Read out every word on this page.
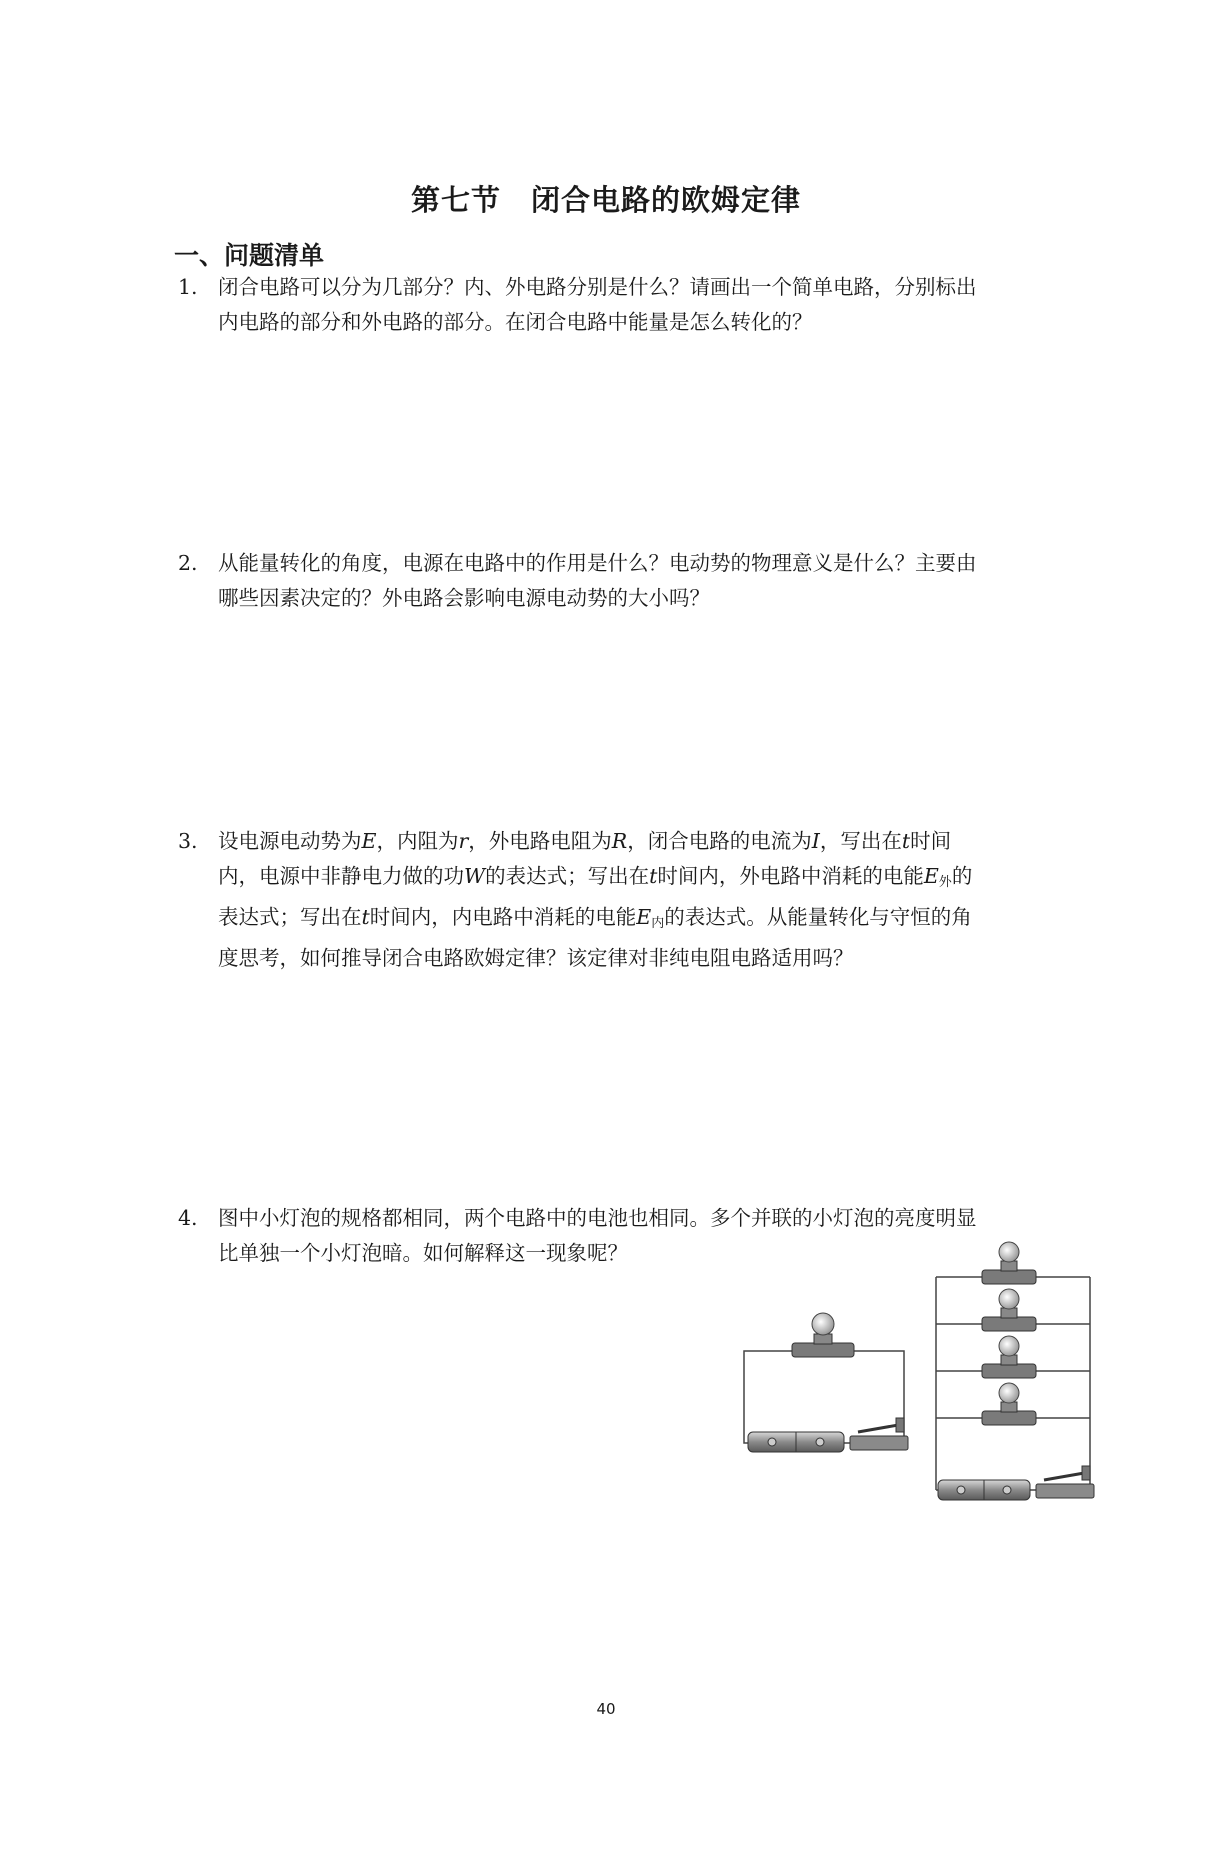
第七节　闭合电路的欧姆定律
一、问题清单
1. 闭合电路可以分为几部分？内、外电路分别是什么？请画出一个简单电路，分别标出
内电路的部分和外电路的部分。在闭合电路中能量是怎么转化的？
2. 从能量转化的角度，电源在电路中的作用是什么？电动势的物理意义是什么？主要由
哪些因素决定的？外电路会影响电源电动势的大小吗？
3. 设电源电动势为E，内阻为r，外电路电阻为R，闭合电路的电流为I，写出在t时间
内，电源中非静电力做的功W的表达式；写出在t时间内，外电路中消耗的电能$E_外$的
表达式；写出在t时间内，内电路中消耗的电能$E_内$的表达式。从能量转化与守恒的角
度思考，如何推导闭合电路欧姆定律？该定律对非纯电阻电路适用吗？
4. 图中小灯泡的规格都相同，两个电路中的电池也相同。多个并联的小灯泡的亮度明显
比单独一个小灯泡暗。如何解释这一现象呢？
40
